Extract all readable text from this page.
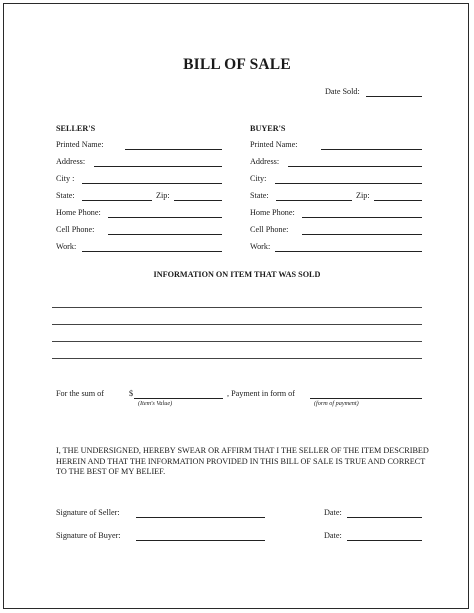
BILL OF SALE
Date Sold:
SELLER'S
Printed Name:
Address:
City :
State:	Zip:
Home Phone:
Cell Phone:
Work:
BUYER'S
Printed Name:
Address:
City:
State:	Zip:
Home Phone:
Cell Phone:
Work:
INFORMATION ON ITEM THAT WAS SOLD
For the sum of	$
(Item's Value)
, Payment in form of
(form of payment)
I, THE UNDERSIGNED, HEREBY SWEAR OR AFFIRM THAT I THE SELLER OF THE ITEM DESCRIBED HEREIN AND THAT THE INFORMATION PROVIDED IN THIS BILL OF SALE IS TRUE AND CORRECT TO THE BEST OF MY BELIEF.
Signature of Seller:	Date:
Signature of Buyer:	Date:
